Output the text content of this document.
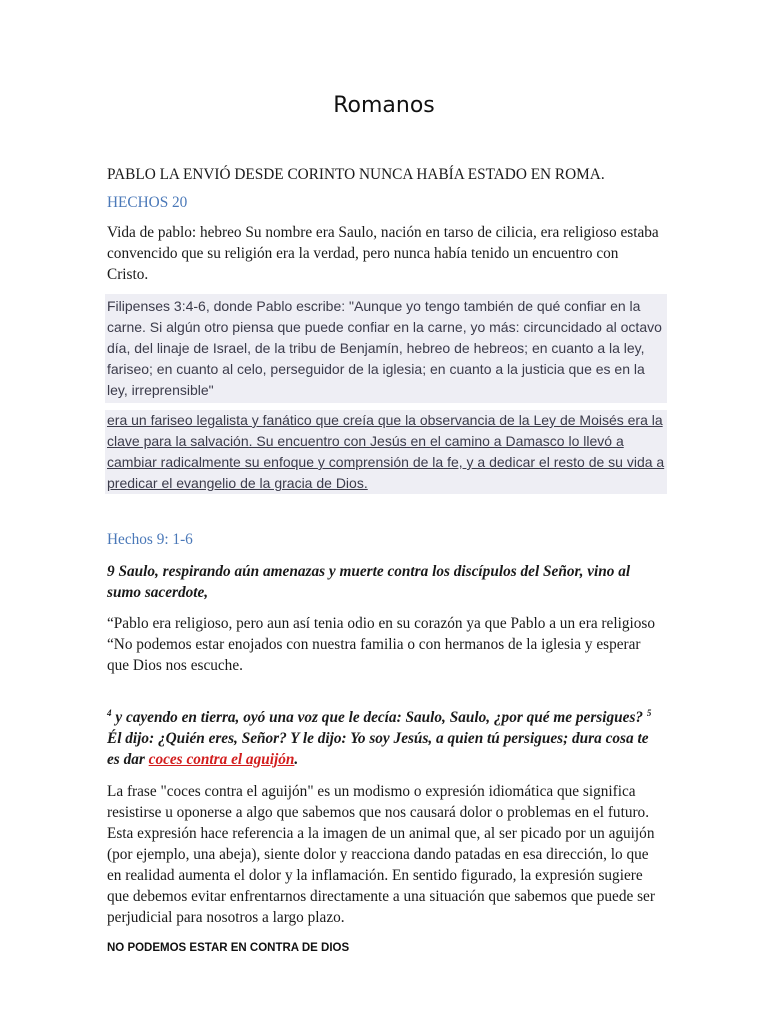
Romanos

PABLO LA ENVIÓ DESDE CORINTO NUNCA HABÍA ESTADO EN ROMA.

HECHOS 20

Vida de pablo: hebreo Su nombre era Saulo, nación en tarso de cilicia, era religioso estaba convencido que su religión era la verdad, pero nunca había tenido un encuentro con Cristo.

Filipenses 3:4-6, donde Pablo escribe: "Aunque yo tengo también de qué confiar en la carne. Si algún otro piensa que puede confiar en la carne, yo más: circuncidado al octavo día, del linaje de Israel, de la tribu de Benjamín, hebreo de hebreos; en cuanto a la ley, fariseo; en cuanto al celo, perseguidor de la iglesia; en cuanto a la justicia que es en la ley, irreprensible"

era un fariseo legalista y fanático que creía que la observancia de la Ley de Moisés era la clave para la salvación. Su encuentro con Jesús en el camino a Damasco lo llevó a cambiar radicalmente su enfoque y comprensión de la fe, y a dedicar el resto de su vida a predicar el evangelio de la gracia de Dios.

Hechos 9: 1-6

9 Saulo, respirando aún amenazas y muerte contra los discípulos del Señor, vino al sumo sacerdote,

“Pablo era religioso, pero aun así tenia odio en su corazón ya que Pablo a un era religioso

“No podemos estar enojados con nuestra familia o con hermanos de la iglesia y esperar que Dios nos escuche.

$^4$ y cayendo en tierra, oyó una voz que le decía: Saulo, Saulo, ¿por qué me persigues? $^5$ Él dijo: ¿Quién eres, Señor? Y le dijo: Yo soy Jesús, a quien tú persigues; dura cosa te es dar coces contra el aguijón.

La frase "coces contra el aguijón" es un modismo o expresión idiomática que significa resistirse u oponerse a algo que sabemos que nos causará dolor o problemas en el futuro. Esta expresión hace referencia a la imagen de un animal que, al ser picado por un aguijón (por ejemplo, una abeja), siente dolor y reacciona dando patadas en esa dirección, lo que en realidad aumenta el dolor y la inflamación. En sentido figurado, la expresión sugiere que debemos evitar enfrentarnos directamente a una situación que sabemos que puede ser perjudicial para nosotros a largo plazo.

NO PODEMOS ESTAR EN CONTRA DE DIOS
